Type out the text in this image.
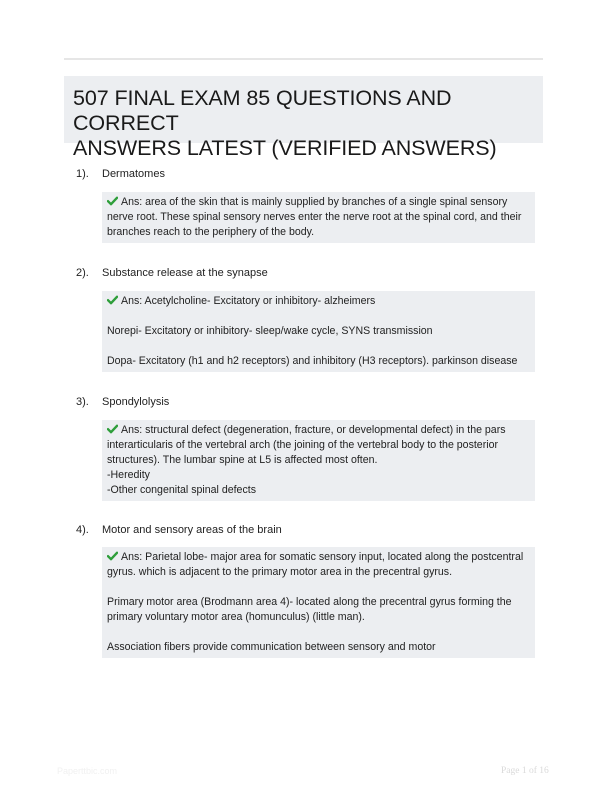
507 FINAL EXAM 85 QUESTIONS AND CORRECT
ANSWERS LATEST (VERIFIED ANSWERS)
1). Dermatomes
Ans: area of the skin that is mainly supplied by branches of a single spinal sensory
nerve root. These spinal sensory nerves enter the nerve root at the spinal cord, and their
branches reach to the periphery of the body.
2). Substance release at the synapse
Ans: Acetylcholine- Excitatory or inhibitory- alzheimers
Norepi- Excitatory or inhibitory- sleep/wake cycle, SYNS transmission
Dopa- Excitatory (h1 and h2 receptors) and inhibitory (H3 receptors). parkinson disease
3). Spondylolysis
Ans: structural defect (degeneration, fracture, or developmental defect) in the pars
interarticularis of the vertebral arch (the joining of the vertebral body to the posterior
structures). The lumbar spine at L5 is affected most often.
-Heredity
-Other congenital spinal defects
4). Motor and sensory areas of the brain
Ans: Parietal lobe- major area for somatic sensory input, located along the postcentral
gyrus. which is adjacent to the primary motor area in the precentral gyrus.
Primary motor area (Brodmann area 4)- located along the precentral gyrus forming the
primary voluntary motor area (homunculus) (little man).
Association fibers provide communication between sensory and motor
Paperttbic.com	Page 1 of 16
